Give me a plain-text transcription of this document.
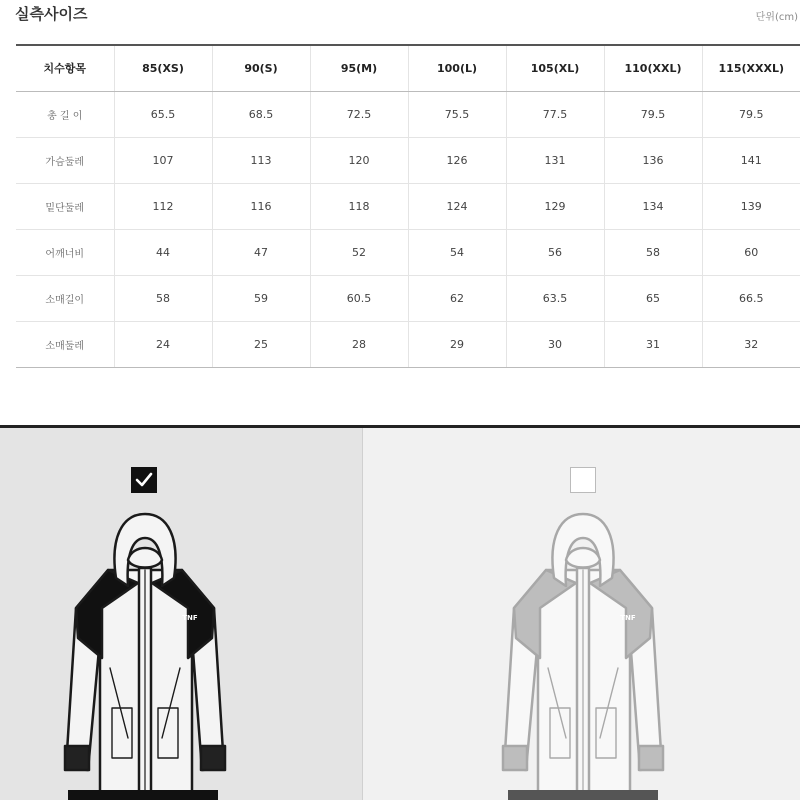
실측사이즈	단위(cm)
치수항목	85(XS)	90(S)	95(M)	100(L)	105(XL)	110(XXL)	115(XXXL)
총 길 이	65.5	68.5	72.5	75.5	77.5	79.5	79.5
가슴둘레	107	113	120	126	131	136	141
밑단둘레	112	116	118	124	129	134	139
어깨너비	44	47	52	54	56	58	60
소매길이	58	59	60.5	62	63.5	65	66.5
소매둘레	24	25	28	29	30	31	32
TNF	TNF
